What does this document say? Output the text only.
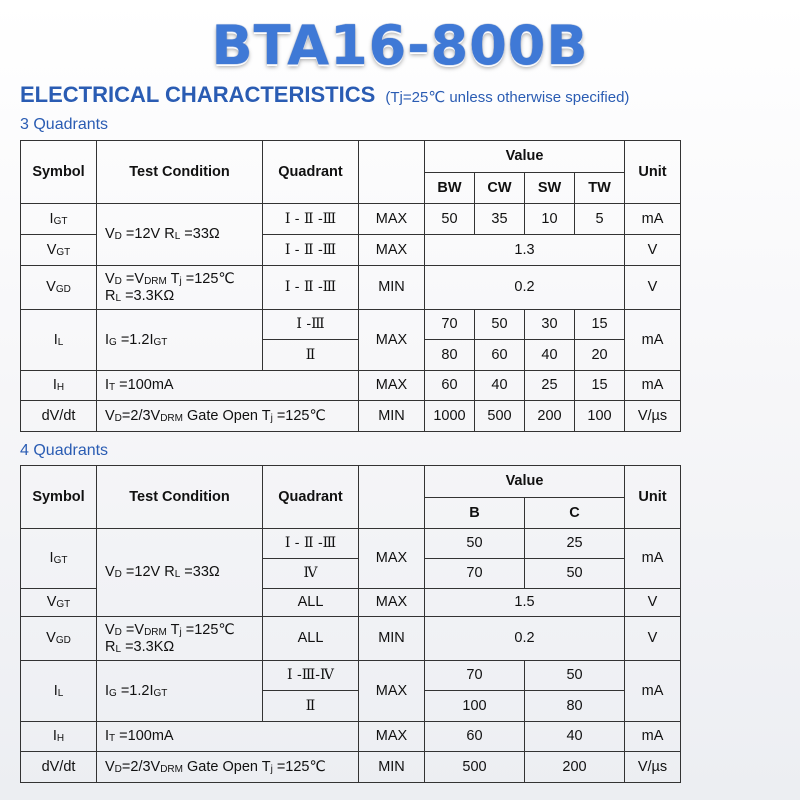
BTA16-800B
ELECTRICAL CHARACTERISTICS (Tj=25℃ unless otherwise specified)
3 Quadrants
Symbol	Test Condition	Quadrant		Value				Unit
				BW	CW	SW	TW	
IGT	VD =12V RL =33Ω	Ⅰ - Ⅱ -Ⅲ	MAX	50	35	10	5	mA
VGT		Ⅰ - Ⅱ -Ⅲ	MAX	1.3				V
VGD	VD =VDRM Tj =125℃
RL =3.3KΩ	Ⅰ - Ⅱ -Ⅲ	MIN	0.2				V
IL	IG =1.2IGT	Ⅰ -Ⅲ	MAX	70	50	30	15	mA
		Ⅱ		80	60	40	20	
IH	IT =100mA		MAX	60	40	25	15	mA
dV/dt	VD=2/3VDRM Gate Open Tj =125℃		MIN	1000	500	200	100	V/µs
4 Quadrants
Symbol	Test Condition	Quadrant		Value		Unit
				B	C	
IGT	VD =12V RL =33Ω	Ⅰ - Ⅱ -Ⅲ	MAX	50	25	mA
		Ⅳ		70	50	
VGT		ALL	MAX	1.5		V
VGD	VD =VDRM Tj =125℃
RL =3.3KΩ	ALL	MIN	0.2		V
IL	IG =1.2IGT	Ⅰ -Ⅲ-Ⅳ	MAX	70	50	mA
		Ⅱ		100	80	
IH	IT =100mA		MAX	60	40	mA
dV/dt	VD=2/3VDRM Gate Open Tj =125℃		MIN	500	200	V/µs
